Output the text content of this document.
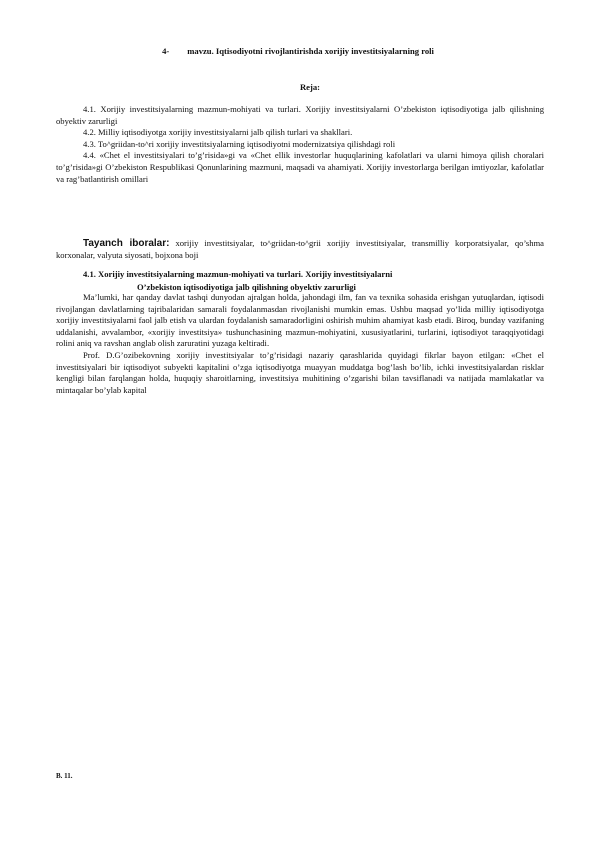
4- mavzu. Iqtisodiyotni rivojlantirishda xorijiy investitsiyalarning roli
Reja:

4.1. Xorijiy investitsiyalarning mazmun-mohiyati va turlari. Xorijiy investitsiyalarni O’zbekiston iqtisodiyotiga jalb qilishning obyektiv zarurligi

4.2. Milliy iqtisodiyotga xorijiy investitsiyalarni jalb qilish turlari va shakllari.

4.3. To^griidan-to^ri xorijiy investitsiyalarning iqtisodiyotni modernizatsiya qilishdagi roli

4.4. «Chet el investitsiyalari to’g’risida»gi va «Chet ellik investorlar huquqlarining kafolatlari va ularni himoya qilish choralari to’g’risida»gi O’zbekiston Respublikasi Qonunlarining mazmuni, maqsadi va ahamiyati. Xorijiy investorlarga berilgan imtiyozlar, kafolatlar va rag’batlantirish omillari

Tayanch iboralar: xorijiy investitsiyalar, to^griidan-to^grii xorijiy investitsiyalar, transmilliy korporatsiyalar, qo’shma korxonalar, valyuta siyosati, bojxona boji

4.1. Xorijiy investitsiyalarning mazmun-mohiyati va turlari. Xorijiy investitsiyalarni
O’zbekiston iqtisodiyotiga jalb qilishning obyektiv zarurligi

Ma’lumki, har qanday davlat tashqi dunyodan ajralgan holda, jahondagi ilm, fan va texnika sohasida erishgan yutuqlardan, iqtisodi rivojlangan davlatlarning tajribalaridan samarali foydalanmasdan rivojlanishi mumkin emas. Ushbu maqsad yo’lida milliy iqtisodiyotga xorijiy investitsiyalarni faol jalb etish va ulardan foydalanish samaradorligini oshirish muhim ahamiyat kasb etadi. Biroq, bunday vazifaning uddalanishi, avvalambor, «xorijiy investitsiya» tushunchasining mazmun-mohiyatini, xususiyatlarini, turlarini, iqtisodiyot taraqqiyotidagi rolini aniq va ravshan anglab olish zaruratini yuzaga keltiradi.

Prof. D.G’ozibekovning xorijiy investitsiyalar to’g’risidagi nazariy qarashlarida quyidagi fikrlar bayon etilgan: «Chet el investitsiyalari bir iqtisodiyot subyekti kapitalini o’zga iqtisodiyotga muayyan muddatga bog’lash bo’lib, ichki investitsiyalardan risklar kengligi bilan farqlangan holda, huquqiy sharoitlarning, investitsiya muhitining o’zgarishi bilan tavsiflanadi va natijada mamlakatlar va mintaqalar bo’ylab kapital

B. 11.
